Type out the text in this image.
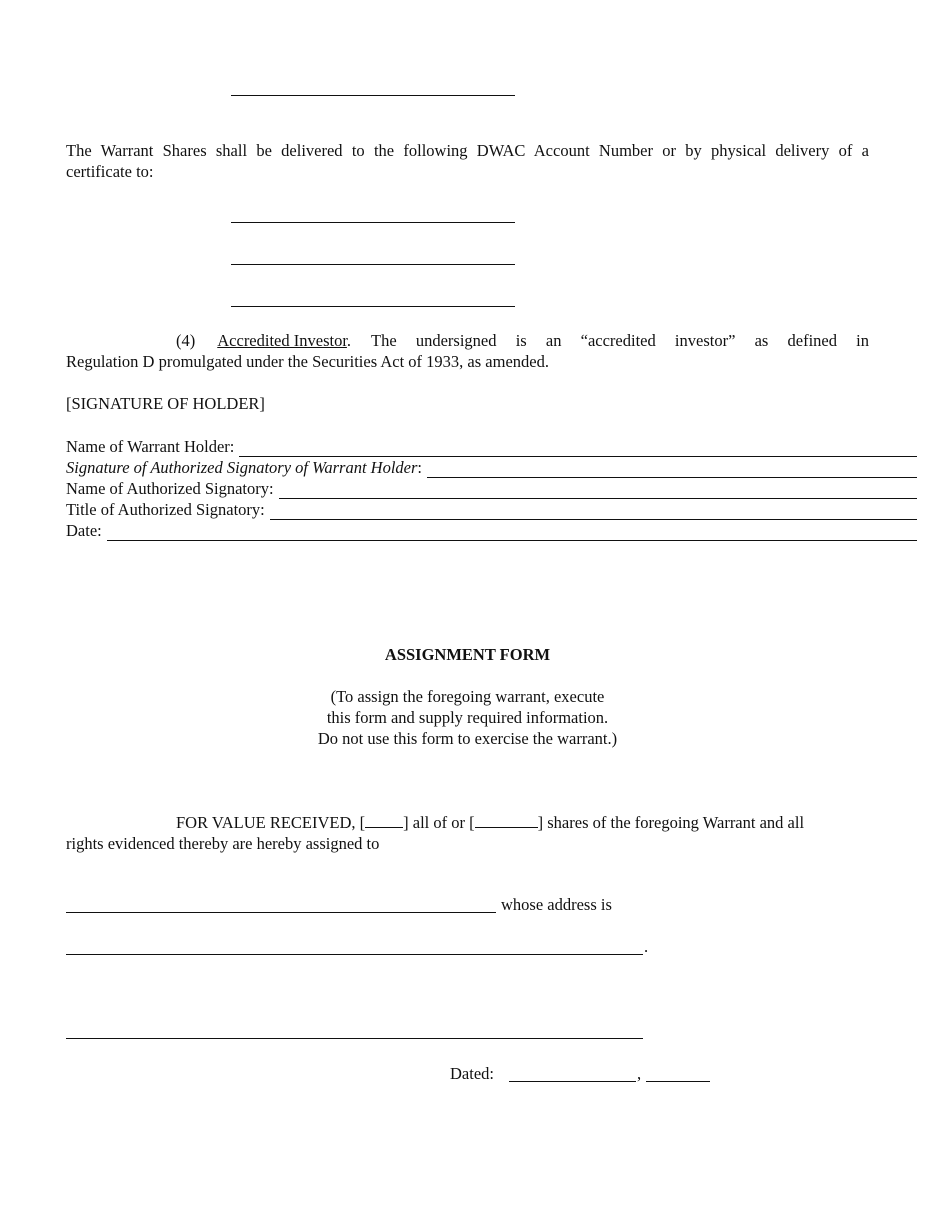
The Warrant Shares shall be delivered to the following DWAC Account Number or by physical delivery of a
certificate to:
(4) Accredited Investor. The undersigned is an “accredited investor” as defined in
Regulation D promulgated under the Securities Act of 1933, as amended.
[SIGNATURE OF HOLDER]
Name of Warrant Holder:
Signature of Authorized Signatory of Warrant Holder :
Name of Authorized Signatory:
Title of Authorized Signatory:
Date:
ASSIGNMENT FORM
(To assign the foregoing warrant, execute
this form and supply required information.
Do not use this form to exercise the warrant.)
FOR VALUE RECEIVED, [ ] all of or [	] shares of the foregoing Warrant and all
rights evidenced thereby are hereby assigned to
whose address is
.
Dated:	,
